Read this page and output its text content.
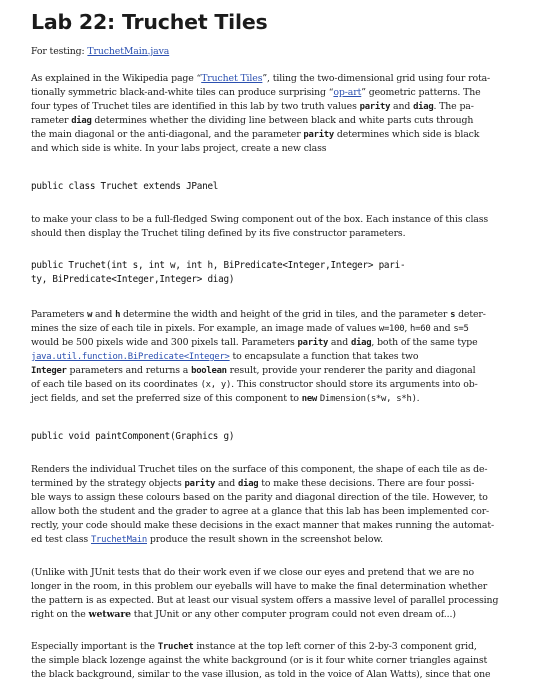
Lab 22: Truchet Tiles
For testing: TruchetMain.java
As explained in the Wikipedia page “Truchet Tiles”, tiling the two-dimensional grid using four rota-
tionally symmetric black-and-white tiles can produce surprising “op-art” geometric patterns. The
four types of Truchet tiles are identified in this lab by two truth values parity and diag. The pa-
rameter diag determines whether the dividing line between black and white parts cuts through
the main diagonal or the anti-diagonal, and the parameter parity determines which side is black
and which side is white. In your labs project, create a new class
public class Truchet extends JPanel
to make your class to be a full-fledged Swing component out of the box. Each instance of this class
should then display the Truchet tiling defined by its five constructor parameters.
public Truchet(int s, int w, int h, BiPredicate<Integer,Integer> pari-
ty, BiPredicate<Integer,Integer> diag)
Parameters w and h determine the width and height of the grid in tiles, and the parameter s deter-
mines the size of each tile in pixels. For example, an image made of values w=100, h=60 and s=5
would be 500 pixels wide and 300 pixels tall. Parameters parity and diag, both of the same type
java.util.function.BiPredicate<Integer> to encapsulate a function that takes two
Integer parameters and returns a boolean result, provide your renderer the parity and diagonal
of each tile based on its coordinates (x, y). This constructor should store its arguments into ob-
ject fields, and set the preferred size of this component to new Dimension(s*w, s*h).
public void paintComponent(Graphics g)
Renders the individual Truchet tiles on the surface of this component, the shape of each tile as de-
termined by the strategy objects parity and diag to make these decisions. There are four possi-
ble ways to assign these colours based on the parity and diagonal direction of the tile. However, to
allow both the student and the grader to agree at a glance that this lab has been implemented cor-
rectly, your code should make these decisions in the exact manner that makes running the automat-
ed test class TruchetMain produce the result shown in the screenshot below.
(Unlike with JUnit tests that do their work even if we close our eyes and pretend that we are no
longer in the room, in this problem our eyeballs will have to make the final determination whether
the pattern is as expected. But at least our visual system offers a massive level of parallel processing
right on the wetware that JUnit or any other computer program could not even dream of...)
Especially important is the Truchet instance at the top left corner of this 2-by-3 component grid,
the simple black lozenge against the white background (or is it four white corner triangles against
the black background, similar to the vase illusion, as told in the voice of Alan Watts), since that one
